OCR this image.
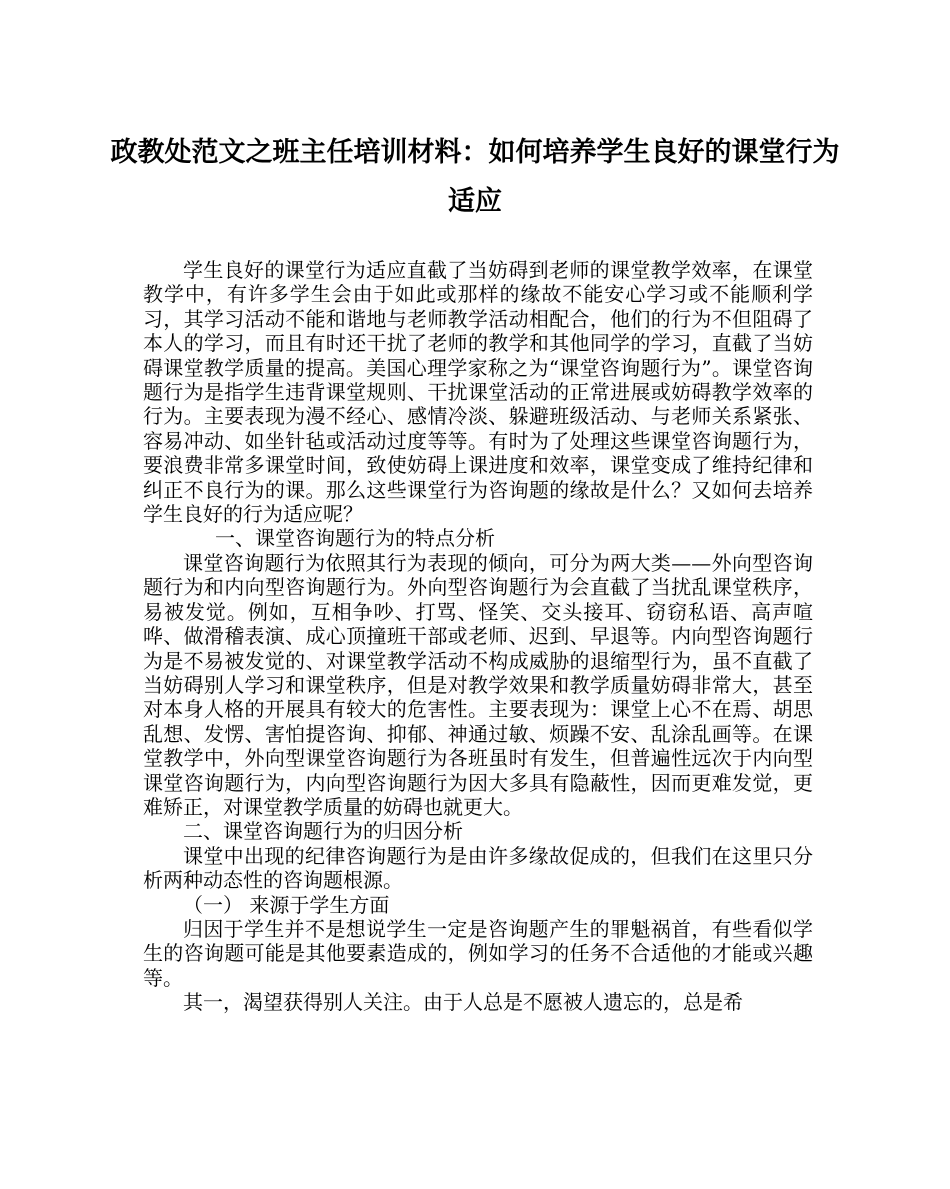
政教处范文之班主任培训材料：如何培养学生良好的课堂行为适应

学生良好的课堂行为适应直截了当妨碍到老师的课堂教学效率，在课堂教学中，有许多学生会由于如此或那样的缘故不能安心学习或不能顺利学习，其学习活动不能和谐地与老师教学活动相配合，他们的行为不但阻碍了本人的学习，而且有时还干扰了老师的教学和其他同学的学习，直截了当妨碍课堂教学质量的提高。美国心理学家称之为“课堂咨询题行为”。课堂咨询题行为是指学生违背课堂规则、干扰课堂活动的正常进展或妨碍教学效率的行为。主要表现为漫不经心、感情冷淡、躲避班级活动、与老师关系紧张、容易冲动、如坐针毡或活动过度等等。有时为了处理这些课堂咨询题行为，要浪费非常多课堂时间，致使妨碍上课进度和效率，课堂变成了维持纪律和纠正不良行为的课。那么这些课堂行为咨询题的缘故是什么？又如何去培养学生良好的行为适应呢？

一、课堂咨询题行为的特点分析

课堂咨询题行为依照其行为表现的倾向，可分为两大类——外向型咨询题行为和内向型咨询题行为。外向型咨询题行为会直截了当扰乱课堂秩序，易被发觉。例如，互相争吵、打骂、怪笑、交头接耳、窃窃私语、高声喧哗、做滑稽表演、成心顶撞班干部或老师、迟到、早退等。内向型咨询题行为是不易被发觉的、对课堂教学活动不构成威胁的退缩型行为，虽不直截了当妨碍别人学习和课堂秩序，但是对教学效果和教学质量妨碍非常大，甚至对本身人格的开展具有较大的危害性。主要表现为：课堂上心不在焉、胡思乱想、发愣、害怕提咨询、抑郁、神通过敏、烦躁不安、乱涂乱画等。在课堂教学中，外向型课堂咨询题行为各班虽时有发生，但普遍性远次于内向型课堂咨询题行为，内向型咨询题行为因大多具有隐蔽性，因而更难发觉，更难矫正，对课堂教学质量的妨碍也就更大。

二、课堂咨询题行为的归因分析

课堂中出现的纪律咨询题行为是由许多缘故促成的，但我们在这里只分析两种动态性的咨询题根源。

（一） 来源于学生方面

归因于学生并不是想说学生一定是咨询题产生的罪魁祸首，有些看似学生的咨询题可能是其他要素造成的，例如学习的任务不合适他的才能或兴趣等。

其一，渴望获得别人关注。由于人总是不愿被人遗忘的，总是希
